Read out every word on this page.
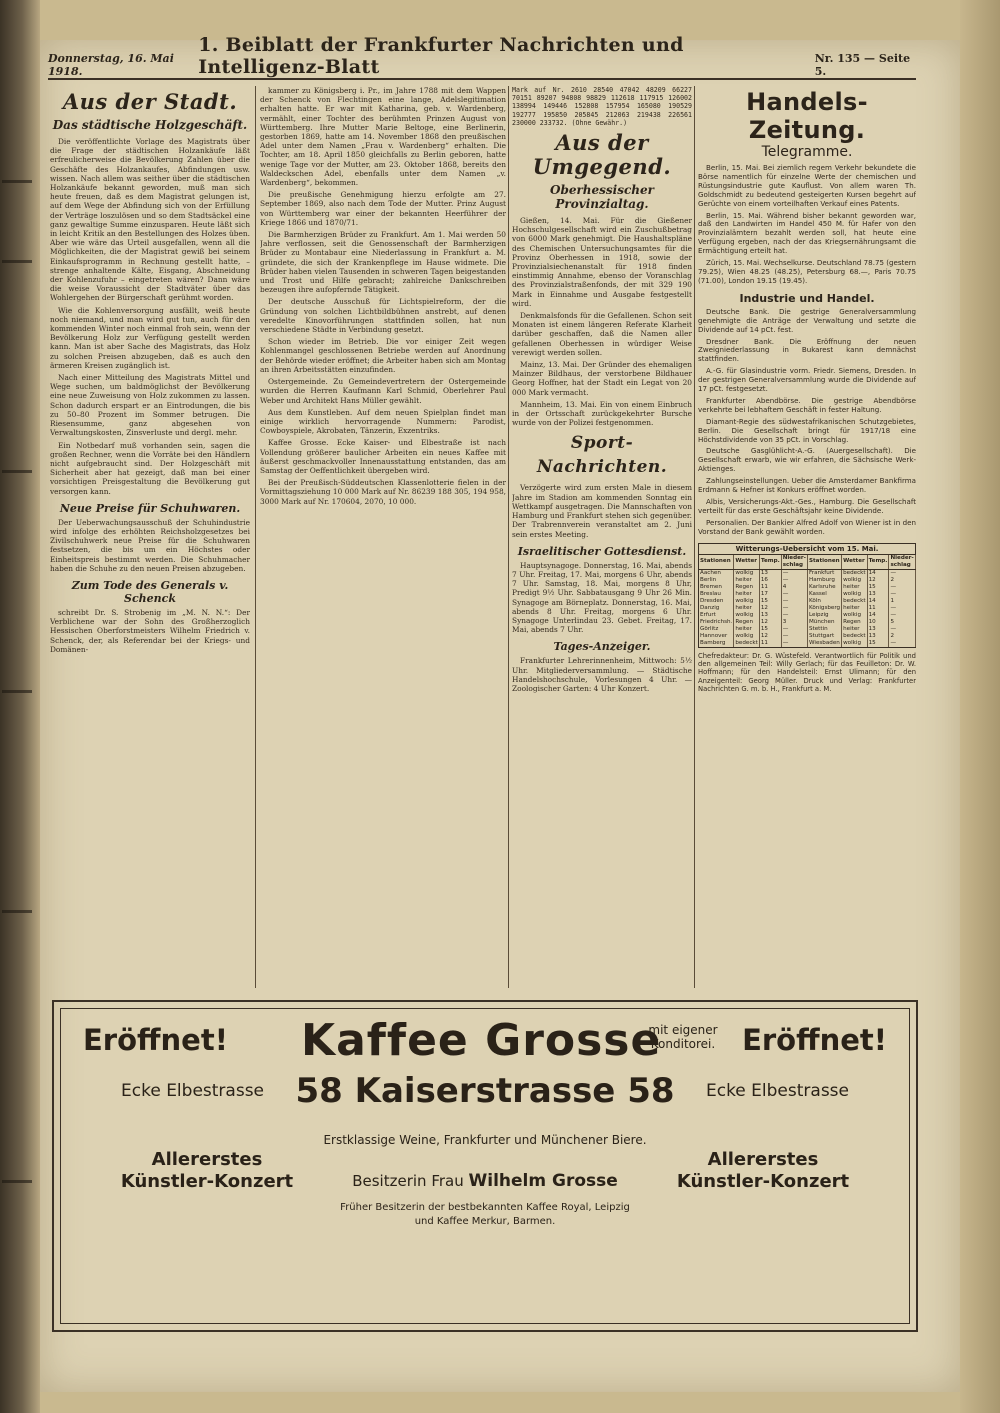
Donnerstag, 16. Mai 1918.
1. Beiblatt der Frankfurter Nachrichten und Intelligenz-Blatt	Nr. 135 — Seite 5.
Aus der Stadt.
Das städtische Holzgeschäft.

Die veröffentlichte Vorlage des Magistrats über die Frage der städtischen Holzankäufe läßt erfreulicherweise die Bevölkerung Zahlen über die Geschäfte des Holzankaufes, Abfindungen usw. wissen. Nach allem was seither über die städtischen Holzankäufe bekannt geworden, muß man sich heute freuen, daß es dem Magistrat gelungen ist, auf dem Wege der Abfindung sich von der Erfüllung der Verträge loszulösen und so dem Stadtsäckel eine ganz gewaltige Summe einzusparen. Heute läßt sich in leicht Kritik an den Bestellungen des Holzes üben. Aber wie wäre das Urteil ausgefallen, wenn all die Möglichkeiten, die der Magistrat gewiß bei seinem Einkaufsprogramm in Rechnung gestellt hatte, – strenge anhaltende Kälte, Eisgang, Abschneidung der Kohlenzufuhr – eingetreten wären? Dann wäre die weise Voraussicht der Stadtväter über das Wohlergehen der Bürgerschaft gerühmt worden.

Wie die Kohlenversorgung ausfällt, weiß heute noch niemand, und man wird gut tun, auch für den kommenden Winter noch einmal froh sein, wenn der Bevölkerung Holz zur Verfügung gestellt werden kann. Man ist aber Sache des Magistrats, das Holz zu solchen Preisen abzugeben, daß es auch den ärmeren Kreisen zugänglich ist.

Nach einer Mitteilung des Magistrats Mittel und Wege suchen, um baldmöglichst der Bevölkerung eine neue Zuweisung von Holz zukommen zu lassen. Schon dadurch erspart er an Eintrodungen, die bis zu 50–80 Prozent im Sommer betrugen. Die Riesensumme, ganz abgesehen von Verwaltungskosten, Zinsverluste und dergl. mehr.

Ein Notbedarf muß vorhanden sein, sagen die großen Rechner, wenn die Vorräte bei den Händlern nicht aufgebraucht sind. Der Holzgeschäft mit Sicherheit aber hat gezeigt, daß man bei einer vorsichtigen Preisgestaltung die Bevölkerung gut versorgen kann.

Neue Preise für Schuhwaren.

Der Ueberwachungsausschuß der Schuhindustrie wird infolge des erhöhten Reichsholzgesetzes bei Zivilschuhwerk neue Preise für die Schuhwaren festsetzen, die bis um ein Höchstes oder Einheitspreis bestimmt werden. Die Schuhmacher haben die Schuhe zu den neuen Preisen abzugeben.

Zum Tode des Generals v. Schenck

schreibt Dr. S. Strobenig im „M. N. N.“: Der Verblichene war der Sohn des Großherzoglich Hessischen Oberforstmeisters Wilhelm Friedrich v. Schenck, der, als Referendar bei der Kriegs- und Domänen-

kammer zu Königsberg i. Pr., im Jahre 1788 mit dem Wappen der Schenck von Flechtingen eine lange, Adelslegitimation erhalten hatte. Er war mit Katharina, geb. v. Wardenberg, vermählt, einer Tochter des berühmten Prinzen August von Württemberg. Ihre Mutter Marie Beltoge, eine Berlinerin, gestorben 1869, hatte am 14. November 1868 den preußischen Adel unter dem Namen „Frau v. Wardenberg“ erhalten. Die Tochter, am 18. April 1850 gleichfalls zu Berlin geboren, hatte wenige Tage vor der Mutter, am 23. Oktober 1868, bereits den Waldeckschen Adel, ebenfalls unter dem Namen „v. Wardenberg“, bekommen.

Die preußische Genehmigung hierzu erfolgte am 27. September 1869, also nach dem Tode der Mutter. Prinz August von Württemberg war einer der bekannten Heerführer der Kriege 1866 und 1870/71.

Die Barmherzigen Brüder zu Frankfurt. Am 1. Mai werden 50 Jahre verflossen, seit die Genossenschaft der Barmherzigen Brüder zu Montabaur eine Niederlassung in Frankfurt a. M. gründete, die sich der Krankenpflege im Hause widmete. Die Brüder haben vielen Tausenden in schweren Tagen beigestanden und Trost und Hilfe gebracht; zahlreiche Dankschreiben bezeugen ihre aufopfernde Tätigkeit.

Der deutsche Ausschuß für Lichtspielreform, der die Gründung von solchen Lichtbildbühnen anstrebt, auf denen veredelte Kinovorführungen stattfinden sollen, hat nun verschiedene Städte in Verbindung gesetzt.

Schon wieder im Betrieb. Die vor einiger Zeit wegen Kohlenmangel geschlossenen Betriebe werden auf Anordnung der Behörde wieder eröffnet; die Arbeiter haben sich am Montag an ihren Arbeitsstätten einzufinden.

Ostergemeinde. Zu Gemeindevertretern der Ostergemeinde wurden die Herren Kaufmann Karl Schmid, Oberlehrer Paul Weber und Architekt Hans Müller gewählt.

Aus dem Kunstleben. Auf dem neuen Spielplan findet man einige wirklich hervorragende Nummern: Parodist, Cowboyspiele, Akrobaten, Tänzerin, Exzentriks.

Kaffee Grosse. Ecke Kaiser- und Elbestraße ist nach Vollendung größerer baulicher Arbeiten ein neues Kaffee mit äußerst geschmackvoller Innenausstattung entstanden, das am Samstag der Oeffentlichkeit übergeben wird.

Bei der Preußisch-Süddeutschen Klassenlotterie fielen in der Vormittagsziehung 10 000 Mark auf Nr. 86239 188 305, 194 958, 3000 Mark auf Nr. 170604, 2070, 10 000.

Mark auf Nr. 2610 28540 47042 48209 66227 70151 89207 94808 98829 112618 117915 126002 138994 149446 152808 157954 165080 190529 192777 195850 205845 212063 219438 226561 230000 233732. (Ohne Gewähr.)
Aus der Umgegend.
Oberhessischer Provinzialtag.

Gießen, 14. Mai. Für die Gießener Hochschulgesellschaft wird ein Zuschußbetrag von 6000 Mark genehmigt. Die Haushaltspläne des Chemischen Untersuchungsamtes für die Provinz Oberhessen in 1918, sowie der Provinzialsiechenanstalt für 1918 finden einstimmig Annahme, ebenso der Voranschlag des Provinzialstraßenfonds, der mit 329 190 Mark in Einnahme und Ausgabe festgestellt wird.

Denkmalsfonds für die Gefallenen. Schon seit Monaten ist einem längeren Referate Klarheit darüber geschaffen, daß die Namen aller gefallenen Oberhessen in würdiger Weise verewigt werden sollen.

Mainz, 13. Mai. Der Gründer des ehemaligen Mainzer Bildhaus, der verstorbene Bildhauer Georg Hoffner, hat der Stadt ein Legat von 20 000 Mark vermacht.

Mannheim, 13. Mai. Ein von einem Einbruch in der Ortsschaft zurückgekehrter Bursche wurde von der Polizei festgenommen.

Sport-Nachrichten.

Verzögerte wird zum ersten Male in diesem Jahre im Stadion am kommenden Sonntag ein Wettkampf ausgetragen. Die Mannschaften von Hamburg und Frankfurt stehen sich gegenüber. Der Trabrennverein veranstaltet am 2. Juni sein erstes Meeting.

Israelitischer Gottesdienst.

Hauptsynagoge. Donnerstag, 16. Mai, abends 7 Uhr. Freitag, 17. Mai, morgens 6 Uhr, abends 7 Uhr. Samstag, 18. Mai, morgens 8 Uhr, Predigt 9½ Uhr. Sabbatausgang 9 Uhr 26 Min. Synagoge am Börneplatz. Donnerstag, 16. Mai, abends 8 Uhr. Freitag, morgens 6 Uhr. Synagoge Unterlindau 23. Gebet. Freitag, 17. Mai, abends 7 Uhr.

Tages-Anzeiger.

Frankfurter Lehrerinnenheim, Mittwoch: 5½ Uhr. Mitgliederversammlung. — Städtische Handelshochschule, Vorlesungen 4 Uhr. — Zoologischer Garten: 4 Uhr Konzert.

Handels-Zeitung.
Telegramme.

Berlin, 15. Mai. Bei ziemlich regem Verkehr bekundete die Börse namentlich für einzelne Werte der chemischen und Rüstungsindustrie gute Kauflust. Von allem waren Th. Goldschmidt zu bedeutend gesteigerten Kursen begehrt auf Gerüchte von einem vorteilhaften Verkauf eines Patents.

Berlin, 15. Mai. Während bisher bekannt geworden war, daß den Landwirten im Handel 450 M. für Hafer von den Provinzialämtern bezahlt werden soll, hat heute eine Verfügung ergeben, nach der das Kriegsernährungsamt die Ermächtigung erteilt hat.

Zürich, 15. Mai. Wechselkurse. Deutschland 78.75 (gestern 79.25), Wien 48.25 (48.25), Petersburg 68.—, Paris 70.75 (71.00), London 19.15 (19.45).

Industrie und Handel.

Deutsche Bank. Die gestrige Generalversammlung genehmigte die Anträge der Verwaltung und setzte die Dividende auf 14 pCt. fest.

Dresdner Bank. Die Eröffnung der neuen Zweigniederlassung in Bukarest kann demnächst stattfinden.

A.-G. für Glasindustrie vorm. Friedr. Siemens, Dresden. In der gestrigen Generalversammlung wurde die Dividende auf 17 pCt. festgesetzt.

Frankfurter Abendbörse. Die gestrige Abendbörse verkehrte bei lebhaftem Geschäft in fester Haltung.

Diamant-Regie des südwestafrikanischen Schutzgebietes, Berlin. Die Gesellschaft bringt für 1917/18 eine Höchstdividende von 35 pCt. in Vorschlag.

Deutsche Gasglühlicht-A.-G. (Auergesellschaft). Die Gesellschaft erwarb, wie wir erfahren, die Sächsische Werk-Aktienges.

Zahlungseinstellungen. Ueber die Amsterdamer Bankfirma Erdmann & Hefner ist Konkurs eröffnet worden.

Albis, Versicherungs-Akt.-Ges., Hamburg. Die Gesellschaft verteilt für das erste Geschäftsjahr keine Dividende.

Personalien. Der Bankier Alfred Adolf von Wiener ist in den Vorstand der Bank gewählt worden.

Witterungs-Uebersicht vom 15. Mai.
Stationen	Wetter	Temp.	Nieder-schlag	Stationen	Wetter	Temp.	Nieder-schlag
Aachen	wolkig	13	—	Frankfurt	bedeckt	14	—
Berlin	heiter	16	—	Hamburg	wolkig	12	2
Bremen	Regen	11	4	Karlsruhe	heiter	15	—
Breslau	heiter	17	—	Kassel	wolkig	13	—
Dresden	wolkig	15	—	Köln	bedeckt	14	1
Danzig	heiter	12	—	Königsberg	heiter	11	—
Erfurt	wolkig	13	—	Leipzig	wolkig	14	—
Friedrichsh.	Regen	12	3	München	Regen	10	5
Görlitz	heiter	15	—	Stettin	heiter	13	—
Hannover	wolkig	12	—	Stuttgart	bedeckt	13	2
Bamberg	bedeckt	11	—	Wiesbaden	wolkig	15	—
Chefredakteur: Dr. G. Wüstefeld. Verantwortlich für Politik und den allgemeinen Teil: Willy Gerlach; für das Feuilleton: Dr. W. Hoffmann; für den Handelsteil: Ernst Ulimann; für den Anzeigenteil: Georg Müller. Druck und Verlag: Frankfurter Nachrichten G. m. b. H., Frankfurt a. M.
Eröffnet!	Eröffnet!
Kaffee Grosse
mit eigener Konditorei.
Ecke Elbestrasse	Ecke Elbestrasse
58 Kaiserstrasse 58
Erstklassige Weine, Frankfurter und Münchener Biere.
Allererstes Künstler-Konzert
Allererstes Künstler-Konzert
Besitzerin Frau Wilhelm Grosse
Früher Besitzerin der bestbekannten Kaffee Royal, Leipzig
und Kaffee Merkur, Barmen.
